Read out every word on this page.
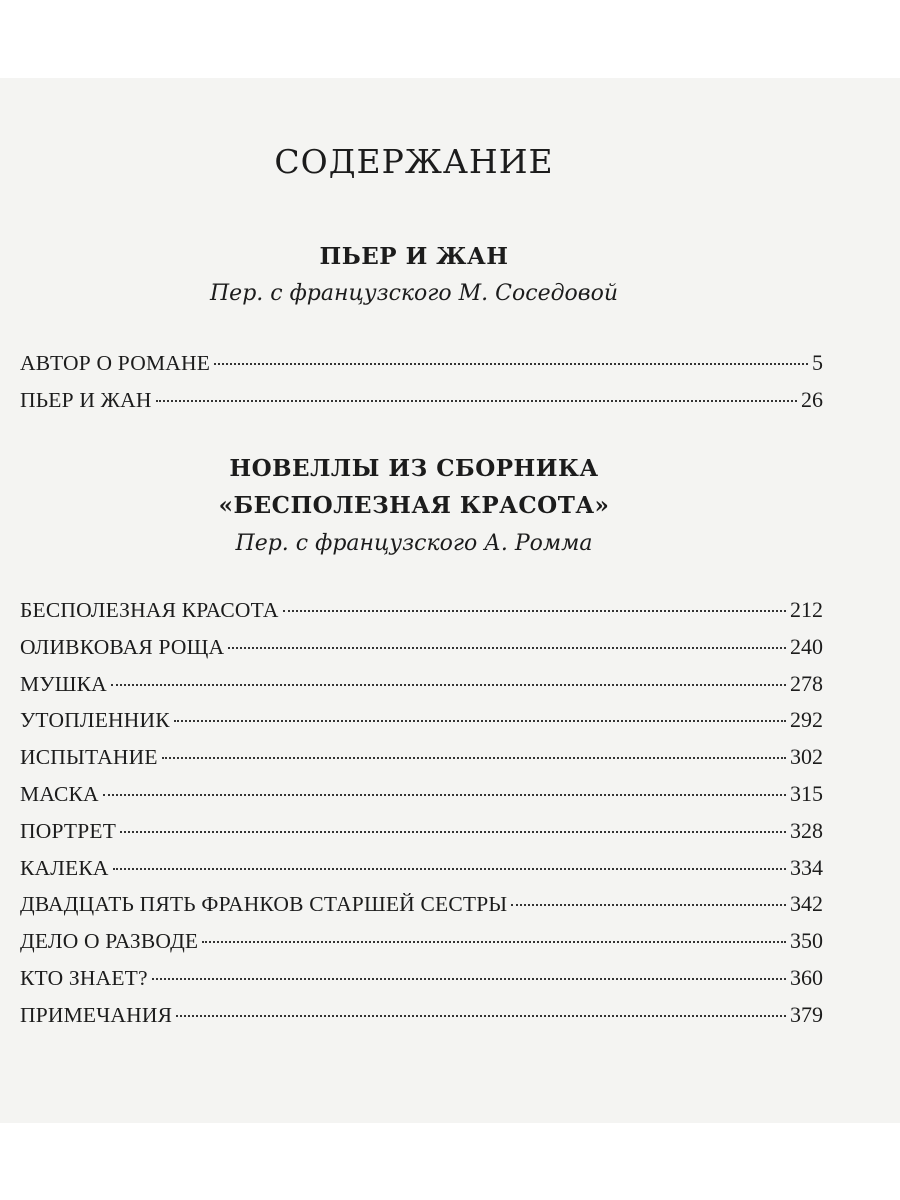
СОДЕРЖАНИЕ
ПЬЕР И ЖАН
Пер. с французского М. Соседовой
АВТОР О РОМАНЕ	5
ПЬЕР И ЖАН	26
НОВЕЛЛЫ ИЗ СБОРНИКА
«БЕСПОЛЕЗНАЯ КРАСОТА»
Пер. с французского А. Ромма
БЕСПОЛЕЗНАЯ КРАСОТА	212
ОЛИВКОВАЯ РОЩА	240
МУШКА	278
УТОПЛЕННИК	292
ИСПЫТАНИЕ	302
МАСКА	315
ПОРТРЕТ	328
КАЛЕКА	334
ДВАДЦАТЬ ПЯТЬ ФРАНКОВ СТАРШЕЙ СЕСТРЫ	342
ДЕЛО О РАЗВОДЕ	350
КТО ЗНАЕТ?	360
ПРИМЕЧАНИЯ	379
